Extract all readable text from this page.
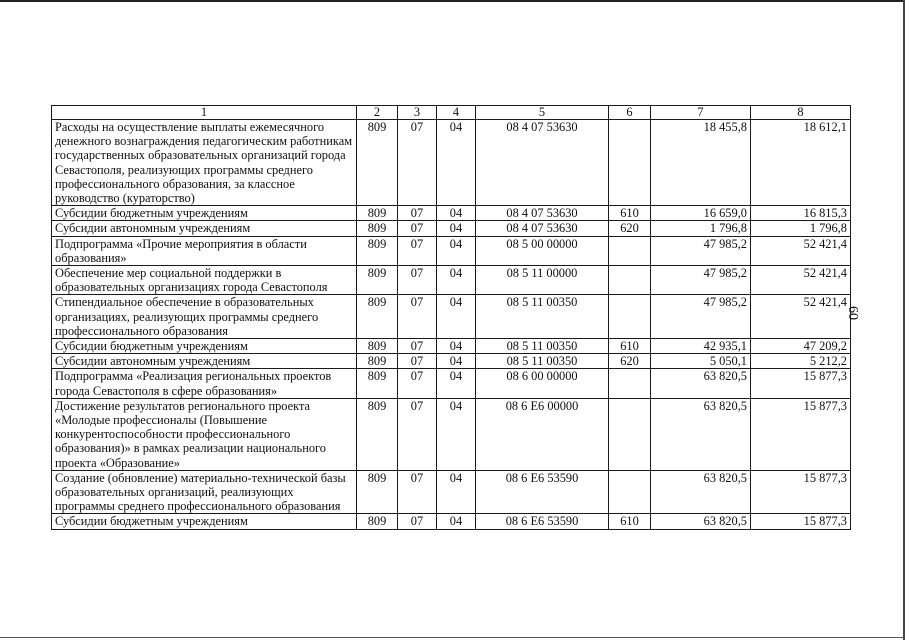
1	2	3	4	5	6	7	8
Расходы на осуществление выплаты ежемесячного денежного вознаграждения педагогическим работникам государственных образовательных организаций города Севастополя, реализующих программы среднего профессионального образования, за классное руководство (кураторство)	809	07	04	08 4 07 53630		18 455,8	18 612,1
Субсидии бюджетным учреждениям	809	07	04	08 4 07 53630	610	16 659,0	16 815,3
Субсидии автономным учреждениям	809	07	04	08 4 07 53630	620	1 796,8	1 796,8
Подпрограмма «Прочие мероприятия в области образования»	809	07	04	08 5 00 00000		47 985,2	52 421,4
Обеспечение мер социальной поддержки в образовательных организациях города Севастополя	809	07	04	08 5 11 00000		47 985,2	52 421,4
Стипендиальное обеспечение в образовательных организациях, реализующих программы среднего профессионального образования	809	07	04	08 5 11 00350		47 985,2	52 421,4
Субсидии бюджетным учреждениям	809	07	04	08 5 11 00350	610	42 935,1	47 209,2
Субсидии автономным учреждениям	809	07	04	08 5 11 00350	620	5 050,1	5 212,2
Подпрограмма «Реализация региональных проектов города Севастополя в сфере образования»	809	07	04	08 6 00 00000		63 820,5	15 877,3
Достижение результатов регионального проекта «Молодые профессионалы (Повышение конкурентоспособности профессионального образования)» в рамках реализации национального проекта «Образование»	809	07	04	08 6 E6 00000		63 820,5	15 877,3
Создание (обновление) материально-технической базы образовательных организаций, реализующих программы среднего профессионального образования	809	07	04	08 6 E6 53590		63 820,5	15 877,3
Субсидии бюджетным учреждениям	809	07	04	08 6 E6 53590	610	63 820,5	15 877,3
60
